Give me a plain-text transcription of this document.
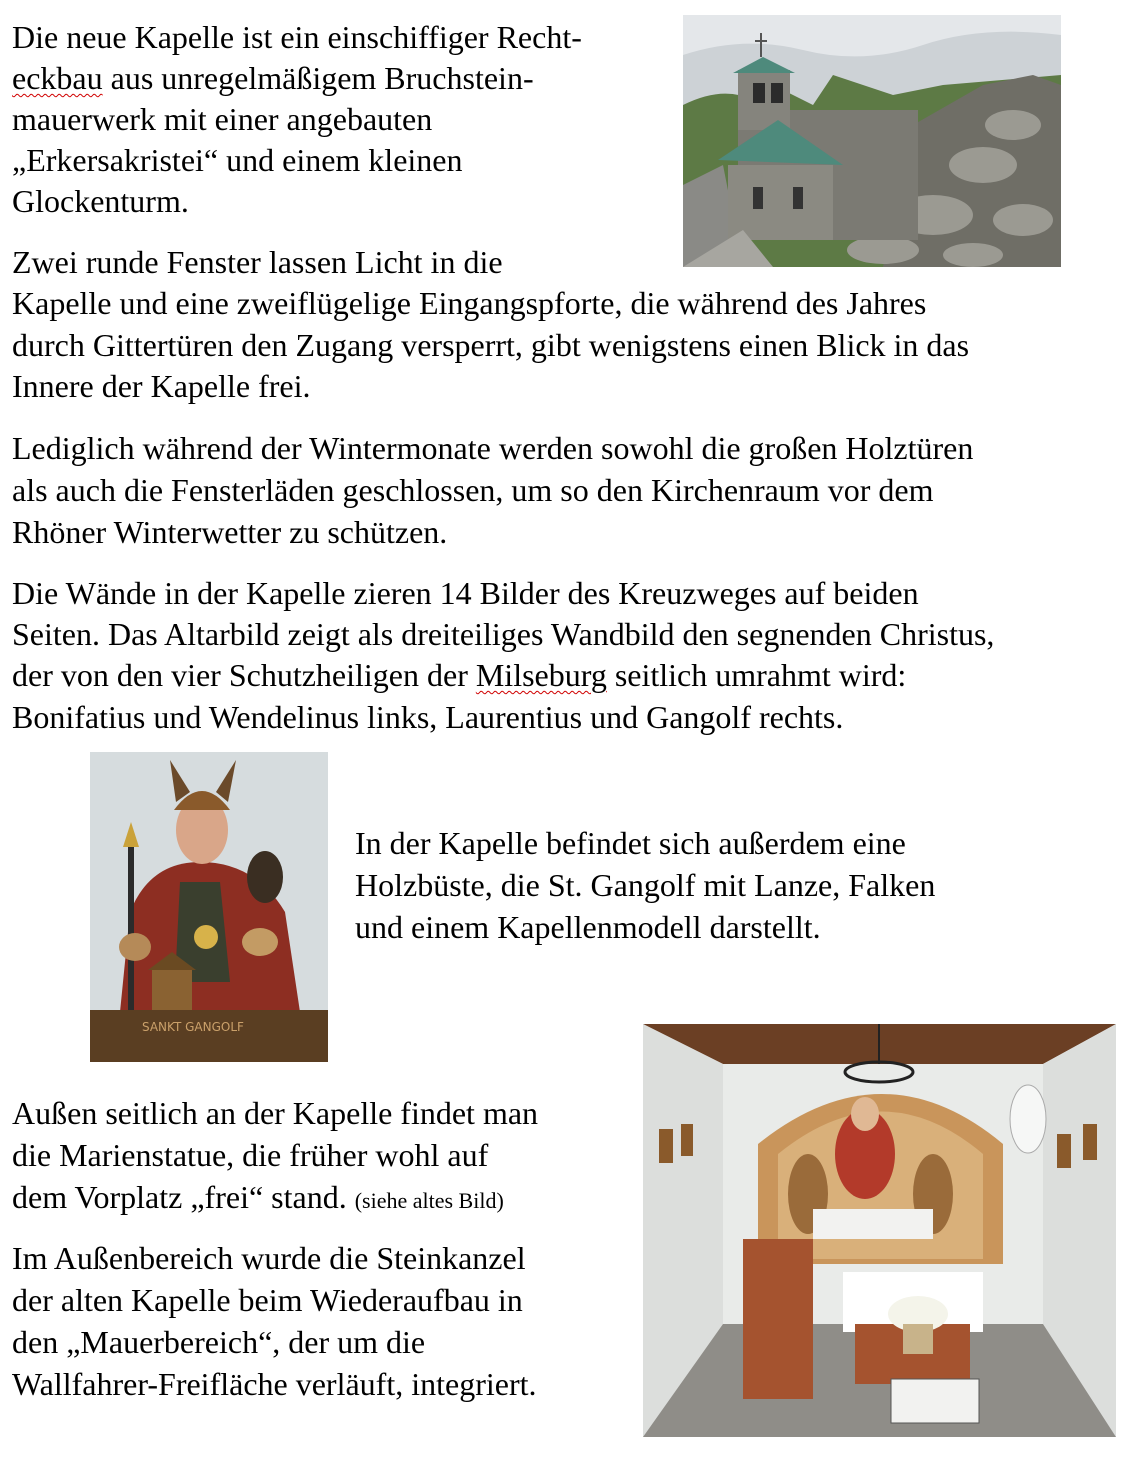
Die neue Kapelle ist ein einschiffiger Recht-

eckbau aus unregelmäßigem Bruchstein-

mauerwerk mit einer angebauten

„Erkersakristei“ und einem kleinen

Glockenturm.

Zwei runde Fenster lassen Licht in die

Kapelle und eine zweiflügelige Eingangspforte, die während des Jahres

durch Gittertüren den Zugang versperrt, gibt wenigstens einen Blick in das

Innere der Kapelle frei.

Lediglich während der Wintermonate werden sowohl die großen Holztüren

als auch die Fensterläden geschlossen, um so den Kirchenraum vor dem

Rhöner Winterwetter zu schützen.

Die Wände in der Kapelle zieren 14 Bilder des Kreuzweges auf beiden

Seiten. Das Altarbild zeigt als dreiteiliges Wandbild den segnenden Christus,

der von den vier Schutzheiligen der Milseburg seitlich umrahmt wird:

Bonifatius und Wendelinus links, Laurentius und Gangolf rechts.

In der Kapelle befindet sich außerdem eine

Holzbüste, die St. Gangolf mit Lanze, Falken

und einem Kapellenmodell darstellt.

Außen seitlich an der Kapelle findet man

die Marienstatue, die früher wohl auf

dem Vorplatz „frei“ stand. (siehe altes Bild)

Im Außenbereich wurde die Steinkanzel

der alten Kapelle beim Wiederaufbau in

den „Mauerbereich“, der um die

Wallfahrer-Freifläche verläuft, integriert.

SANKT GANGOLF
